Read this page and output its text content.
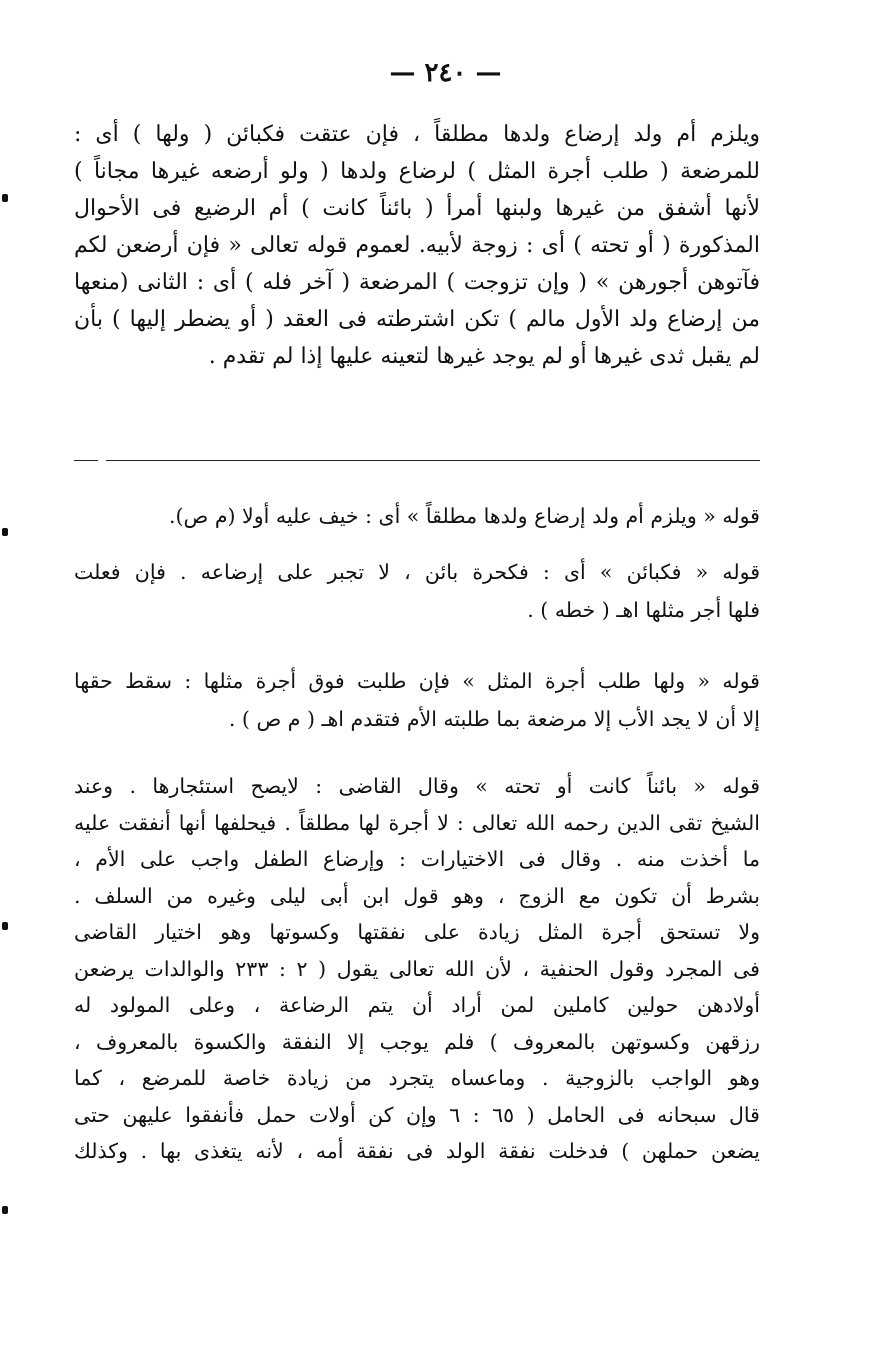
— ٢٤٠ —
ويلزم أم ولد إرضاع ولدها مطلقاً ، فإن عتقت فكبائن ( ولها ) أى :
للمرضعة ( طلب أجرة المثل ) لرضاع ولدها ( ولو أرضعه غيرها مجاناً )
لأنها أشفق من غيرها ولبنها أمرأ ( بائناً كانت ) أم الرضيع فى الأحوال
المذكورة ( أو تحته ) أى : زوجة لأبيه. لعموم قوله تعالى « فإن أرضعن لكم
فآتوهن أجورهن » ( وإن تزوجت ) المرضعة ( آخر فله ) أى : الثانى (منعها
من إرضاع ولد الأول مالم ) تكن اشترطته فى العقد ( أو يضطر إليها ) بأن
لم يقبل ثدى غيرها أو لم يوجد غيرها لتعينه عليها إذا لم تقدم .
قوله « ويلزم أم ولد إرضاع ولدها مطلقاً » أى : خيف عليه أولا (م ص).
قوله « فكبائن » أى : فكحرة بائن ، لا تجبر على إرضاعه . فإن فعلت
فلها أجر مثلها اهـ ( خطه ) .
قوله « ولها طلب أجرة المثل » فإن طلبت فوق أجرة مثلها : سقط حقها
إلا أن لا يجد الأب إلا مرضعة بما طلبته الأم فتقدم اهـ ( م ص ) .
قوله « بائناً كانت أو تحته » وقال القاضى : لايصح استئجارها . وعند
الشيخ تقى الدين رحمه الله تعالى : لا أجرة لها مطلقاً . فيحلفها أنها أنفقت عليه
ما أخذت منه . وقال فى الاختيارات : وإرضاع الطفل واجب على الأم ،
بشرط أن تكون مع الزوج ، وهو قول ابن أبى ليلى وغيره من السلف .
ولا تستحق أجرة المثل زيادة على نفقتها وكسوتها وهو اختيار القاضى
فى المجرد وقول الحنفية ، لأن الله تعالى يقول ( ٢ : ٢٣٣ والوالدات يرضعن
أولادهن حولين كاملين لمن أراد أن يتم الرضاعة ، وعلى المولود له
رزقهن وكسوتهن بالمعروف ) فلم يوجب إلا النفقة والكسوة بالمعروف ،
وهو الواجب بالزوجية . وماعساه يتجرد من زيادة خاصة للمرضع ، كما
قال سبحانه فى الحامل ( ٦٥ : ٦ وإن كن أولات حمل فأنفقوا عليهن حتى
يضعن حملهن ) فدخلت نفقة الولد فى نفقة أمه ، لأنه يتغذى بها . وكذلك
